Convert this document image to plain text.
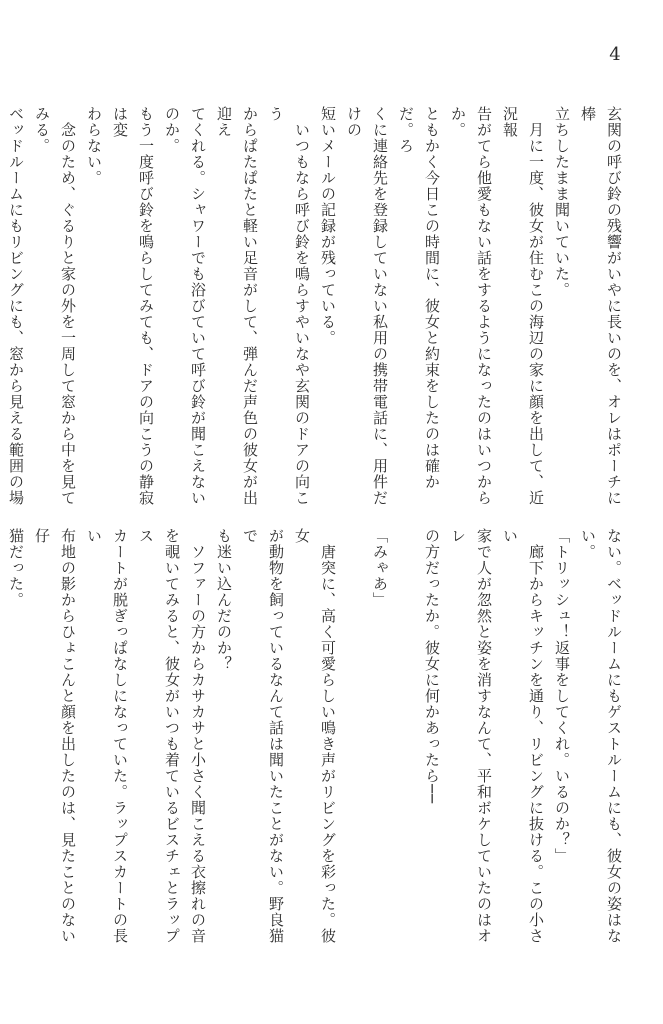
4

玄関の呼び鈴の残響がいやに長いのを、オレはポーチに棒
立ちしたまま聞いていた。

　月に一度、彼女が住むこの海辺の家に顔を出して、近況報
告がてら他愛もない話をするようになったのはいつからか。
ともかく今日この時間に、彼女と約束をしたのは確かだ。ろ
くに連絡先を登録していない私用の携帯電話に、用件だけの
短いメールの記録が残っている。

　いつもなら呼び鈴を鳴らすやいなや玄関のドアの向こう
からぱたぱたと軽い足音がして、弾んだ声色の彼女が出迎え
てくれる。シャワーでも浴びていて呼び鈴が聞こえないのか。
もう一度呼び鈴を鳴らしてみても、ドアの向こうの静寂は変
わらない。

　念のため、ぐるりと家の外を一周して窓から中を見てみる。
ベッドルームにもリビングにも、窓から見える範囲の場

ない。ベッドルームにもゲストルームにも、彼女の姿はない。

「トリッシュ！返事をしてくれ。いるのか？」

　廊下からキッチンを通り、リビングに抜ける。この小さい
家で人が忽然と姿を消すなんて、平和ボケしていたのはオレ
の方だったか。彼女に何かあったら──

「みゃあ」

　唐突に、高く可愛らしい鳴き声がリビングを彩った。彼女
が動物を飼っているなんて話は聞いたことがない。野良猫で
も迷い込んだのか？

　ソファーの方からカサカサと小さく聞こえる衣擦れの音
を覗いてみると、彼女がいつも着ているビスチェとラップス
カートが脱ぎっぱなしになっていた。ラップスカートの長い
布地の影からひょこんと顔を出したのは、見たことのない仔
猫だった。
